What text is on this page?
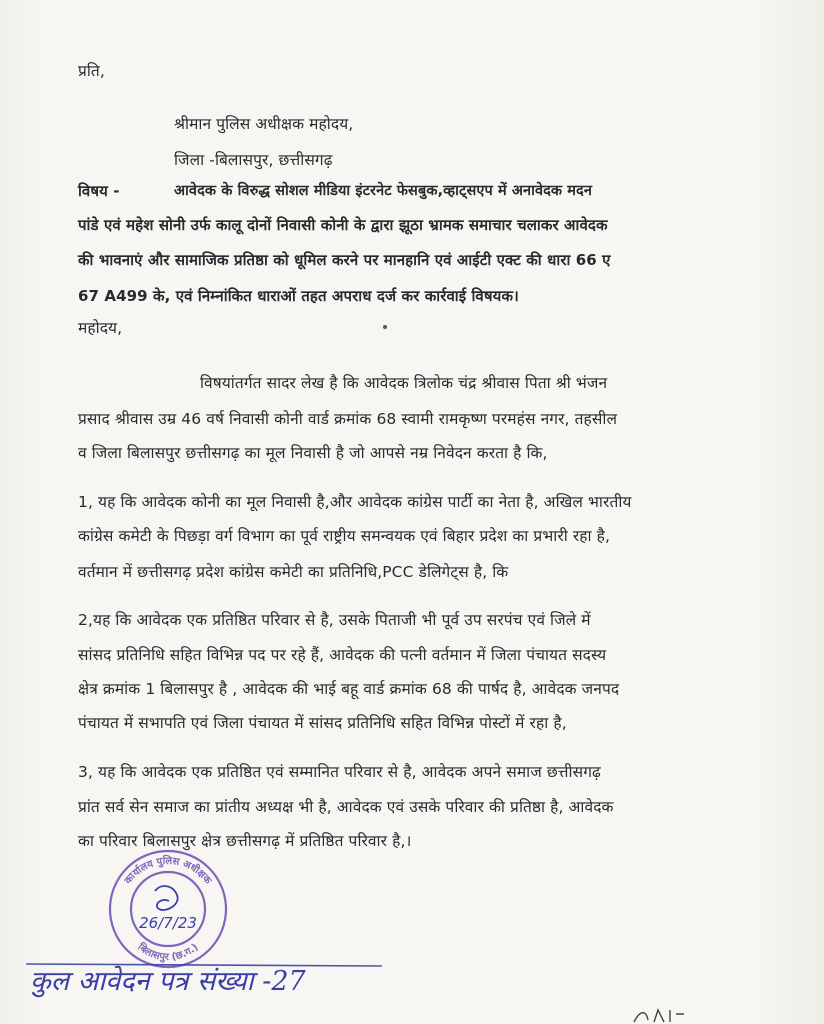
प्रति,
श्रीमान पुलिस अधीक्षक महोदय,
जिला -बिलासपुर, छत्तीसगढ़
विषय -	आवेदक के विरुद्ध सोशल मीडिया इंटरनेट फेसबुक,व्हाट्सएप में अनावेदक मदन
पांडे एवं महेश सोनी उर्फ कालू दोनों निवासी कोनी के द्वारा झूठा भ्रामक समाचार चलाकर आवेदक
की भावनाएं और सामाजिक प्रतिष्ठा को धूमिल करने पर मानहानि एवं आईटी एक्ट की धारा 66 ए
67 A499 के, एवं निम्नांकित धाराओं तहत अपराध दर्ज कर कार्रवाई विषयक।
महोदय,
विषयांतर्गत सादर लेख है कि आवेदक त्रिलोक चंद्र श्रीवास पिता श्री भंजन
प्रसाद श्रीवास उम्र 46 वर्ष निवासी कोनी वार्ड क्रमांक 68 स्वामी रामकृष्ण परमहंस नगर, तहसील
व जिला बिलासपुर छत्तीसगढ़ का मूल निवासी है जो आपसे नम्र निवेदन करता है कि,
1, यह कि आवेदक कोनी का मूल निवासी है,और आवेदक कांग्रेस पार्टी का नेता है, अखिल भारतीय
कांग्रेस कमेटी के पिछड़ा वर्ग विभाग का पूर्व राष्ट्रीय समन्वयक एवं बिहार प्रदेश का प्रभारी रहा है,
वर्तमान में छत्तीसगढ़ प्रदेश कांग्रेस कमेटी का प्रतिनिधि,PCC डेलिगेट्स है, कि
2,यह कि आवेदक एक प्रतिष्ठित परिवार से है, उसके पिताजी भी पूर्व उप सरपंच एवं जिले में
सांसद प्रतिनिधि सहित विभिन्न पद पर रहे हैं, आवेदक की पत्नी वर्तमान में जिला पंचायत सदस्य
क्षेत्र क्रमांक 1 बिलासपुर है , आवेदक की भाई बहू वार्ड क्रमांक 68 की पार्षद है, आवेदक जनपद
पंचायत में सभापति एवं जिला पंचायत में सांसद प्रतिनिधि सहित विभिन्न पोस्टों में रहा है,
3, यह कि आवेदक एक प्रतिष्ठित एवं सम्मानित परिवार से है, आवेदक अपने समाज छत्तीसगढ़
प्रांत सर्व सेन समाज का प्रांतीय अध्यक्ष भी है, आवेदक एवं उसके परिवार की प्रतिष्ठा है, आवेदक
का परिवार बिलासपुर क्षेत्र छत्तीसगढ़ में प्रतिष्ठित परिवार है,।
कार्यालय पुलिस अधीक्षक
बिलासपुर (छ.ग.)
26/7/23
कुल आवेदन पत्र संख्या -27
